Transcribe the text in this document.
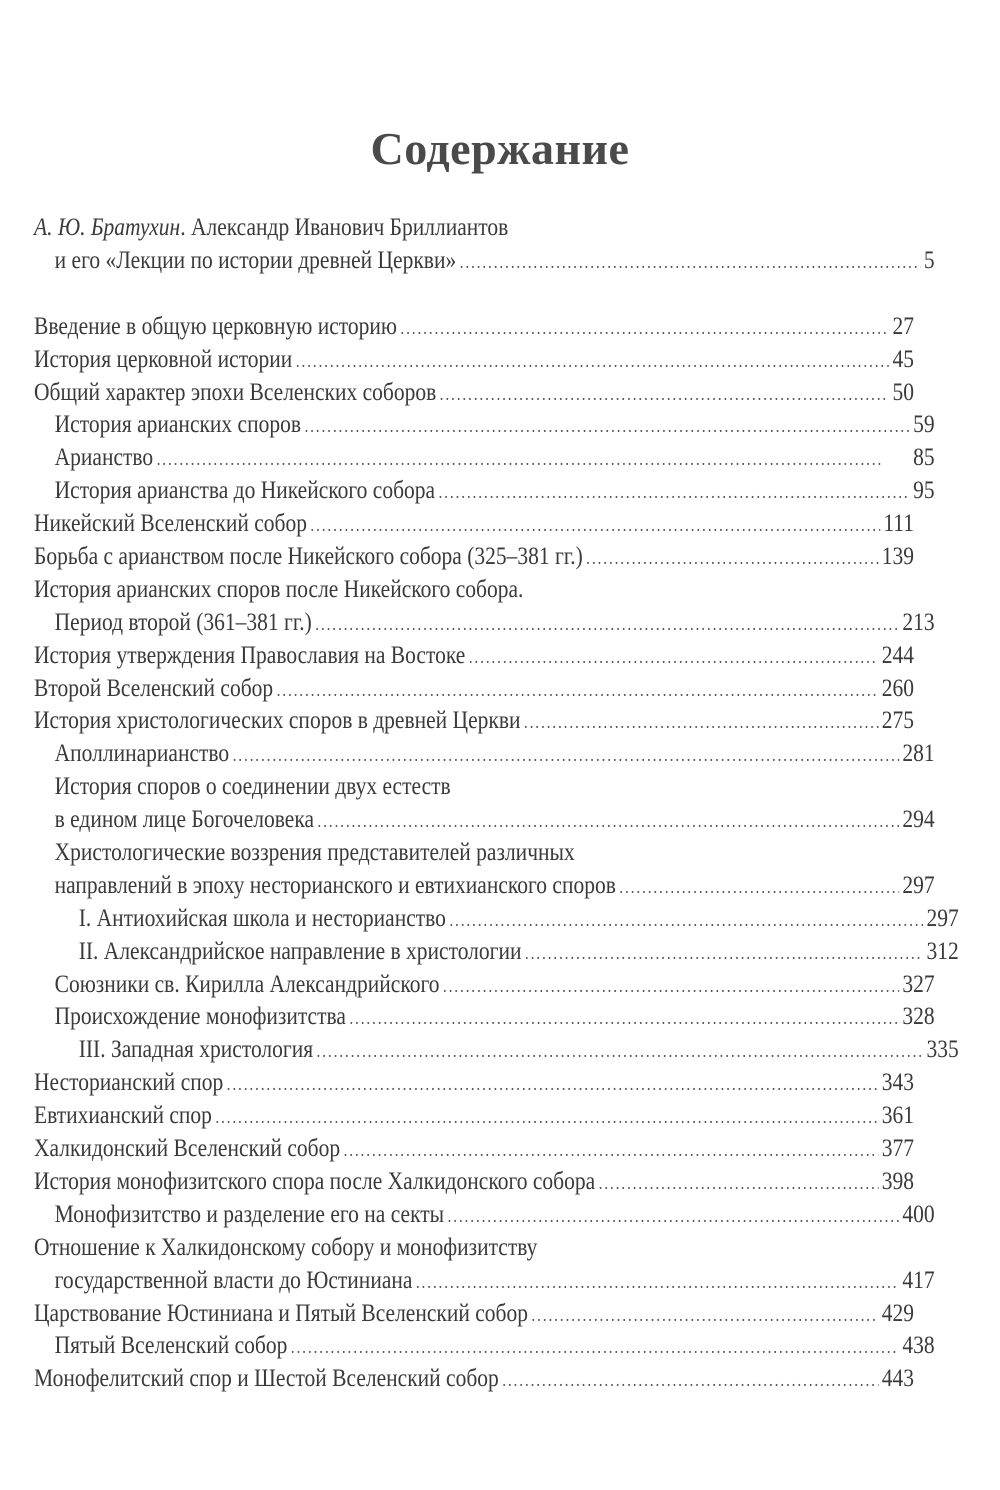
Содержание
А. Ю. Братухин. Александр Иванович Бриллиантов
и его «Лекции по истории древней Церкви» . . .	5
Введение в общую церковную историю . . .	27
История церковной истории . . .	45
Общий характер эпохи Вселенских соборов . . .	50
История арианских споров . . .	59
Арианство . . .	85
История арианства до Никейского собора . . .	95
Никейский Вселенский собор . . .	111
Борьба с арианством после Никейского собора (325–381 гг.) . . .	139
История арианских споров после Никейского собора.
Период второй (361–381 гг.) . . .	213
История утверждения Православия на Востоке . . .	244
Второй Вселенский собор . . .	260
История христологических споров в древней Церкви . . .	275
Аполлинарианство . . .	281
История споров о соединении двух естеств
в едином лице Богочеловека . . .	294
Христологические воззрения представителей различных
направлений в эпоху несторианского и евтихианского споров . . .	297
I. Антиохийская школа и несторианство . . .	297
II. Александрийское направление в христологии . . .	312
Союзники св. Кирилла Александрийского . . .	327
Происхождение монофизитства . . .	328
III. Западная христология . . .	335
Несторианский спор . . .	343
Евтихианский спор . . .	361
Халкидонский Вселенский собор . . .	377
История монофизитского спора после Халкидонского собора . . .	398
Монофизитство и разделение его на секты . . .	400
Отношение к Халкидонскому собору и монофизитству
государственной власти до Юстиниана . . .	417
Царствование Юстиниана и Пятый Вселенский собор . . .	429
Пятый Вселенский собор . . .	438
Монофелитский спор и Шестой Вселенский собор . . .	443
